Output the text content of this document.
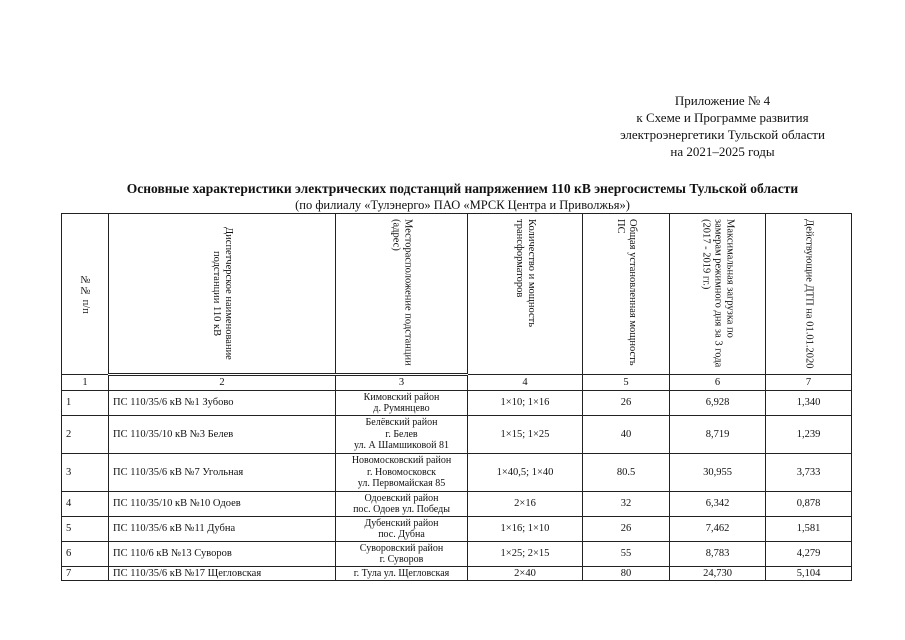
Приложение № 4
к Схеме и Программе развития
электроэнергетики Тульской области
на 2021–2025 годы
Основные характеристики электрических подстанций напряжением 110 кВ энергосистемы Тульской области
(по филиалу «Тулэнерго» ПАО «МРСК Центра и Приволжья»)
№№ п/п	Диспетчерское наименование подстанции 110 кВ	Месторасположение подстанции (адрес)	Количество и мощность трансформаторов	Общая установленная мощность ПС	Максимальная загрузка по замерам режимного дня за 3 года (2017 - 2019 гг.)	Действующие ДТП на 01.01.2020

1	2	3	4	5	6	7
1	ПС 110/35/6 кВ №1 Зубово	Кимовский район
д. Румянцево	1×10; 1×16	26	6,928	1,340
2	ПС 110/35/10 кВ №3 Белев	Белёвский район
г. Белев
ул. А Шамшиковой 81	1×15; 1×25	40	8,719	1,239
3	ПС 110/35/6 кВ №7 Угольная	Новомосковский район
г. Новомосковск
ул. Первомайская 85	1×40,5; 1×40	80.5	30,955	3,733
4	ПС 110/35/10 кВ №10 Одоев	Одоевский район
пос. Одоев ул. Победы	2×16	32	6,342	0,878
5	ПС 110/35/6 кВ №11 Дубна	Дубенский район
пос. Дубна	1×16; 1×10	26	7,462	1,581
6	ПС 110/6 кВ №13 Суворов	Суворовский район
г. Суворов	1×25; 2×15	55	8,783	4,279
7	ПС 110/35/6 кВ №17 Щегловская	г. Тула ул. Щегловская	2×40	80	24,730	5,104
